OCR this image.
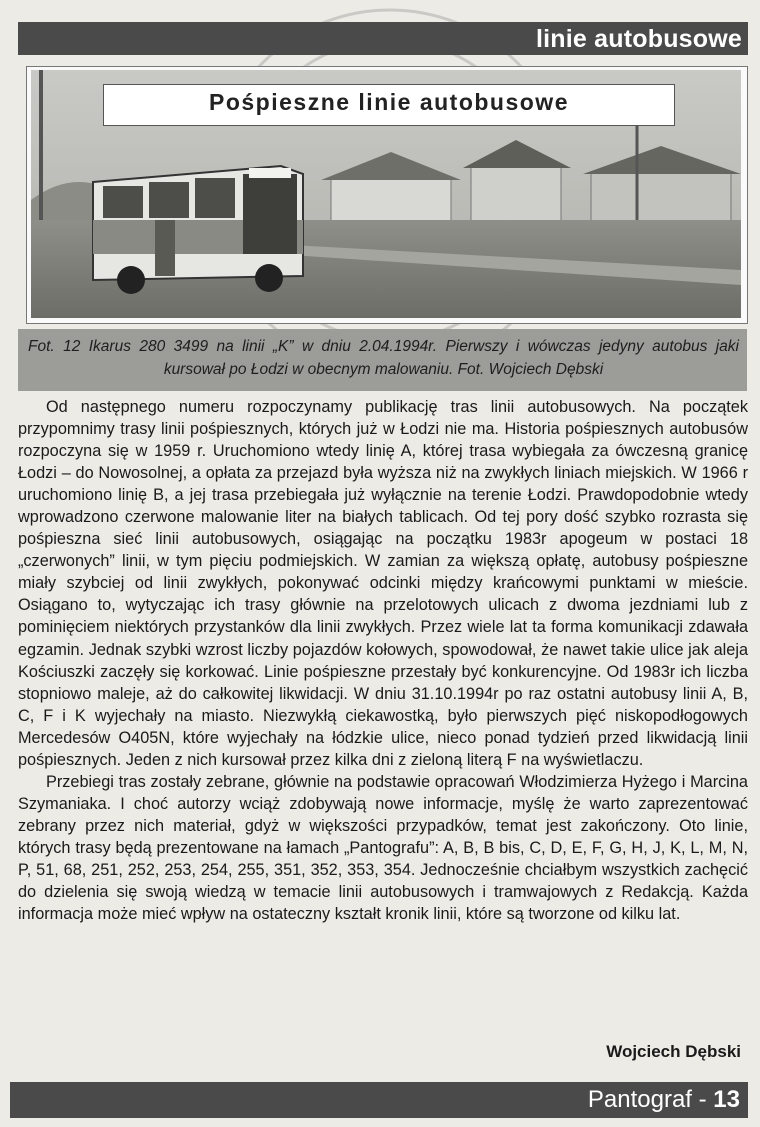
linie autobusowe
Pośpieszne linie autobusowe

Fot. 12 Ikarus 280 3499 na linii „K” w dniu 2.04.1994r. Pierwszy i wówczas jedyny autobus jaki kursował po Łodzi w obecnym malowaniu. Fot. Wojciech Dębski

Od następnego numeru rozpoczynamy publikację tras linii autobusowych. Na początek przypomnimy trasy linii pośpiesznych, których już w Łodzi nie ma. Historia pośpiesznych autobusów rozpoczyna się w 1959 r. Uruchomiono wtedy linię A, której trasa wybiegała za ówczesną granicę Łodzi – do Nowosolnej, a opłata za przejazd była wyższa niż na zwykłych liniach miejskich. W 1966 r uruchomiono linię B, a jej trasa przebiegała już wyłącznie na terenie Łodzi. Prawdopodobnie wtedy wprowadzono czerwone malowanie liter na białych tablicach. Od tej pory dość szybko rozrasta się pośpieszna sieć linii autobusowych, osiągając na początku 1983r apogeum w postaci 18 „czerwonych” linii, w tym pięciu podmiejskich. W zamian za większą opłatę, autobusy pośpieszne miały szybciej od linii zwykłych, pokonywać odcinki między krańcowymi punktami w mieście. Osiągano to, wytyczając ich trasy głównie na przelotowych ulicach z dwoma jezdniami lub z pominięciem niektórych przystanków dla linii zwykłych. Przez wiele lat ta forma komunikacji zdawała egzamin. Jednak szybki wzrost liczby pojazdów kołowych, spowodował, że nawet takie ulice jak aleja Kościuszki zaczęły się korkować. Linie pośpieszne przestały być konkurencyjne. Od 1983r ich liczba stopniowo maleje, aż do całkowitej likwidacji. W dniu 31.10.1994r po raz ostatni autobusy linii A, B, C, F i K wyjechały na miasto. Niezwykłą ciekawostką, było pierwszych pięć niskopodłogowych Mercedesów O405N, które wyjechały na łódzkie ulice, nieco ponad tydzień przed likwidacją linii pośpiesznych. Jeden z nich kursował przez kilka dni z zieloną literą F na wyświetlaczu.

Przebiegi tras zostały zebrane, głównie na podstawie opracowań Włodzimierza Hyżego i Marcina Szymaniaka. I choć autorzy wciąż zdobywają nowe informacje, myślę że warto zaprezentować zebrany przez nich materiał, gdyż w większości przypadków, temat jest zakończony. Oto linie, których trasy będą prezentowane na łamach „Pantografu”: A, B, B bis, C, D, E, F, G, H, J, K, L, M, N, P, 51, 68, 251, 252, 253, 254, 255, 351, 352, 353, 354. Jednocześnie chciałbym wszystkich zachęcić do dzielenia się swoją wiedzą w temacie linii autobusowych i tramwajowych z Redakcją. Każda informacja może mieć wpływ na ostateczny kształt kronik linii, które są tworzone od kilku lat.

Wojciech Dębski
Pantograf - 13
